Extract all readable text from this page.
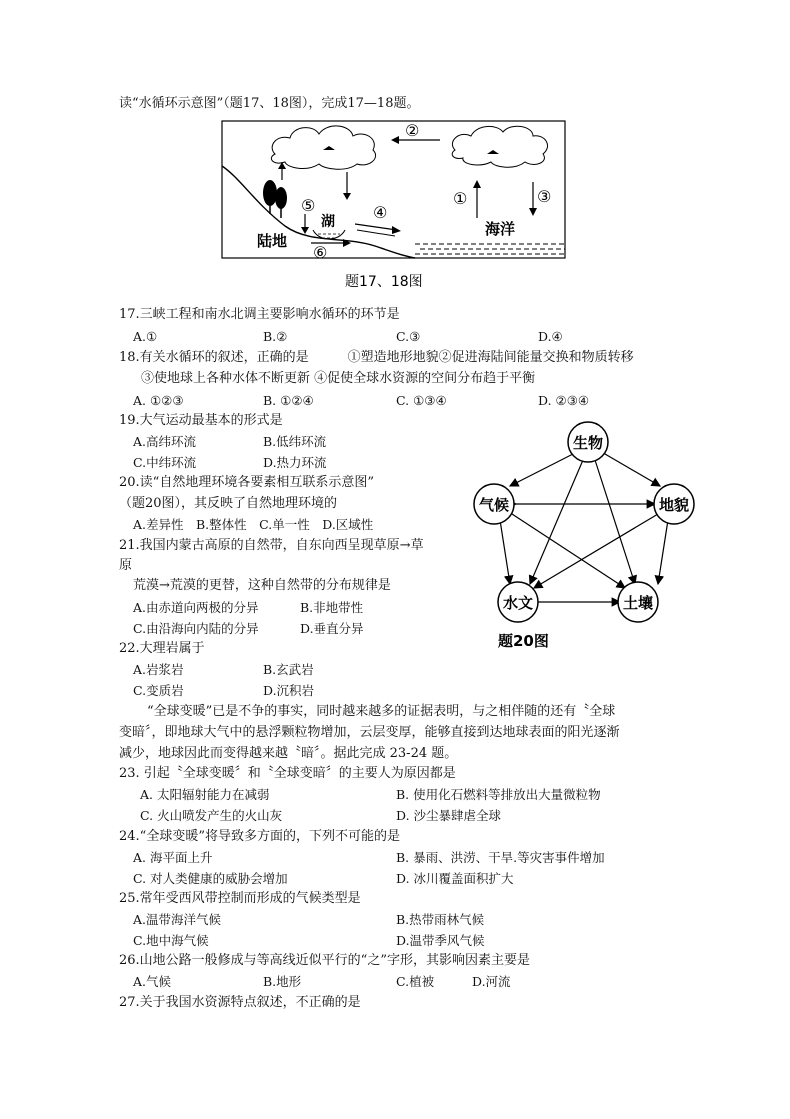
读“水循环示意图”（题17、18图），完成17—18题。
②
①	③
④
⑤
⑥
湖
陆地
海洋
题17、18图
17.三峡工程和南水北调主要影响水循环的环节是
A.①	B.②	C.③	D.④
18.有关水循环的叙述，正确的是　　　①塑造地形地貌②促进海陆间能量交换和物质转移
③使地球上各种水体不断更新 ④促使全球水资源的空间分布趋于平衡
A. ①②③	B. ①②④	C. ①③④	D. ②③④
19.大气运动最基本的形式是
A.高纬环流	B.低纬环流
C.中纬环流	D.热力环流
20.读“自然地理环境各要素相互联系示意图”
（题20图），其反映了自然地理环境的
A.差异性　B.整体性　C.单一性　D.区域性
生物
气候	地貌
水文	土壤
题20图
21.我国内蒙古高原的自然带，自东向西呈现草原→草
原
荒漠→荒漠的更替，这种自然带的分布规律是
A.由赤道向两极的分异	B.非地带性
C.由沿海向内陆的分异	D.垂直分异
22.大理岩属于
A.岩浆岩	B.玄武岩
C.变质岩	D.沉积岩
“全球变暖”已是不争的事实，同时越来越多的证据表明，与之相伴随的还有〝全球
变暗〞，即地球大气中的悬浮颗粒物增加，云层变厚，能够直接到达地球表面的阳光逐渐
减少，地球因此而变得越来越〝暗〞。据此完成 23-24 题。
23. 引起〝全球变暖〞和〝全球变暗〞的主要人为原因都是
A. 太阳辐射能力在减弱	B. 使用化石燃料等排放出大量微粒物
C. 火山喷发产生的火山灰	D. 沙尘暴肆虐全球
24.“全球变暖”将导致多方面的，下列不可能的是
A. 海平面上升	B. 暴雨、洪涝、干旱.等灾害事件增加
C. 对人类健康的威胁会增加	D. 冰川覆盖面积扩大
25.常年受西风带控制而形成的气候类型是
A.温带海洋气候	B.热带雨林气候
C.地中海气候	D.温带季风气候
26.山地公路一般修成与等高线近似平行的“之”字形，其影响因素主要是
A.气候	B.地形	C.植被	D.河流
27.关于我国水资源特点叙述，不正确的是
